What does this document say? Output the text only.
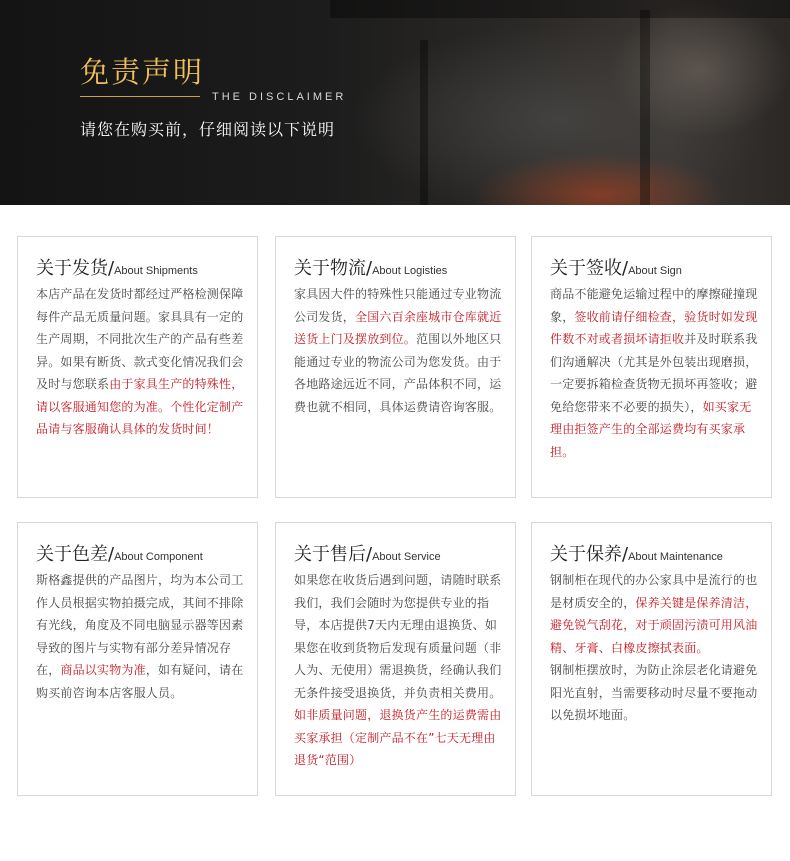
免责声明
THE DISCLAIMER
请您在购买前，仔细阅读以下说明
关于发货/About Shipments
本店产品在发货时都经过严格检测保障每件产品无质量问题。家具具有一定的生产周期，不同批次生产的产品有些差异。如果有断货、款式变化情况我们会及时与您联系由于家具生产的特殊性，请以客服通知您的为准。个性化定制产品请与客服确认具体的发货时间！
关于物流/About Logisties
家具因大件的特殊性只能通过专业物流公司发货，全国六百余座城市仓库就近送货上门及摆放到位。范围以外地区只能通过专业的物流公司为您发货。由于各地路途远近不同，产品体积不同，运费也就不相同，具体运费请咨询客服。
关于签收/About Sign
商品不能避免运输过程中的摩擦碰撞现象，签收前请仔细检查，验货时如发现件数不对或者损坏请拒收并及时联系我们沟通解决（尤其是外包装出现磨损，一定要拆箱检查货物无损坏再签收；避免给您带来不必要的损失），如买家无理由拒签产生的全部运费均有买家承担。
关于色差/About Component
斯格鑫提供的产品图片，均为本公司工作人员根据实物拍摄完成，其间不排除有光线，角度及不同电脑显示器等因素导致的图片与实物有部分差异情况存在，商品以实物为准，如有疑问，请在购买前咨询本店客服人员。
关于售后/About Service
如果您在收货后遇到问题，请随时联系我们，我们会随时为您提供专业的指导，本店提供7天内无理由退换货、如果您在收到货物后发现有质量问题（非人为、无使用）需退换货，经确认我们无条件接受退换货，并负责相关费用。如非质量问题，退换货产生的运费需由买家承担（定制产品不在”七天无理由退货“范围）
关于保养/About Maintenance
钢制柜在现代的办公家具中是流行的也是材质安全的，保养关键是保养清洁，避免锐气刮花，对于顽固污渍可用风油精、牙膏、白橡皮擦拭表面。
钢制柜摆放时，为防止涂层老化请避免阳光直射，当需要移动时尽量不要拖动以免损坏地面。
